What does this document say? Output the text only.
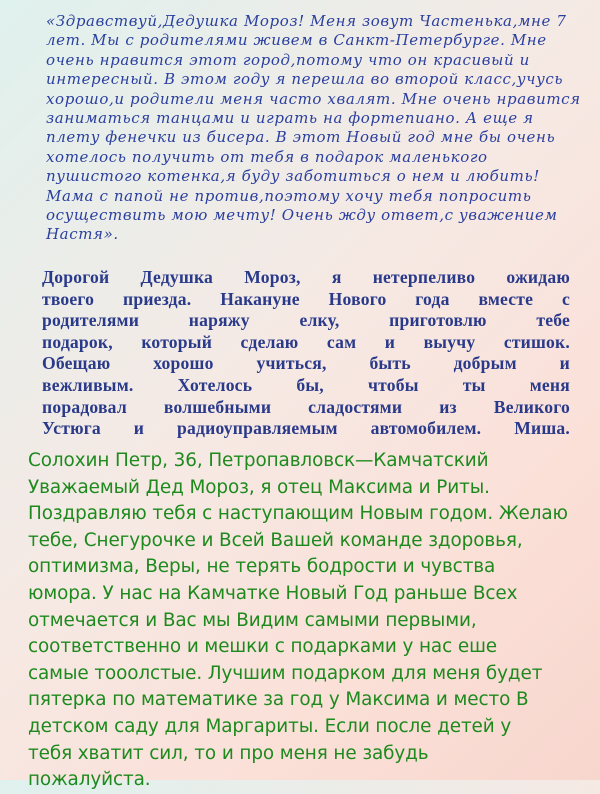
«Здравствуй,Дедушка Мороз! Меня зовут Частенька,мне 7
лет. Мы с родителями живем в Санкт-Петербурге. Мне
очень нравится этот город,потому что он красивый и
интересный. В этом году я перешла во второй класс,учусь
хорошо,и родители меня часто хвалят. Мне очень нравится
заниматься танцами и играть на фортепиано. А еще я
плету фенечки из бисера. В этот Новый год мне бы очень
хотелось получить от тебя в подарок маленького
пушистого котенка,я буду заботиться о нем и любить!
Мама с папой не против,поэтому хочу тебя попросить
осуществить мою мечту! Очень жду ответ,с уважением
Настя».
Дорогой Дедушка Мороз, я нетерпеливо ожидаю
твоего приезда. Накануне Нового года вместе с
родителями наряжу елку, приготовлю тебе
подарок, который сделаю сам и выучу стишок.
Обещаю хорошо учиться, быть добрым и
вежливым. Хотелось бы, чтобы ты меня
порадовал волшебными сладостями из Великого
Устюга и радиоуправляемым автомобилем. Миша.
Солохин Петр, 36, Петропавловск—Камчатский
Уважаемый Дед Мороз, я отец Максима и Риты.
Поздравляю тебя с наступающим Новым годом. Желаю
тебе, Снегурочке и Всей Вашей команде здоровья,
оптимизма, Веры, не терять бодрости и чувства
юмора. У нас на Камчатке Новый Год раньше Всех
отмечается и Вас мы Видим самыми первыми,
соответственно и мешки с подарками у нас еше
самые тооолстые. Лучшим подарком для меня будет
пятерка по математике за год у Максима и место В
детском саду для Маргариты. Если после детей у
тебя хватит сил, то и про меня не забудь
пожалуйста.
